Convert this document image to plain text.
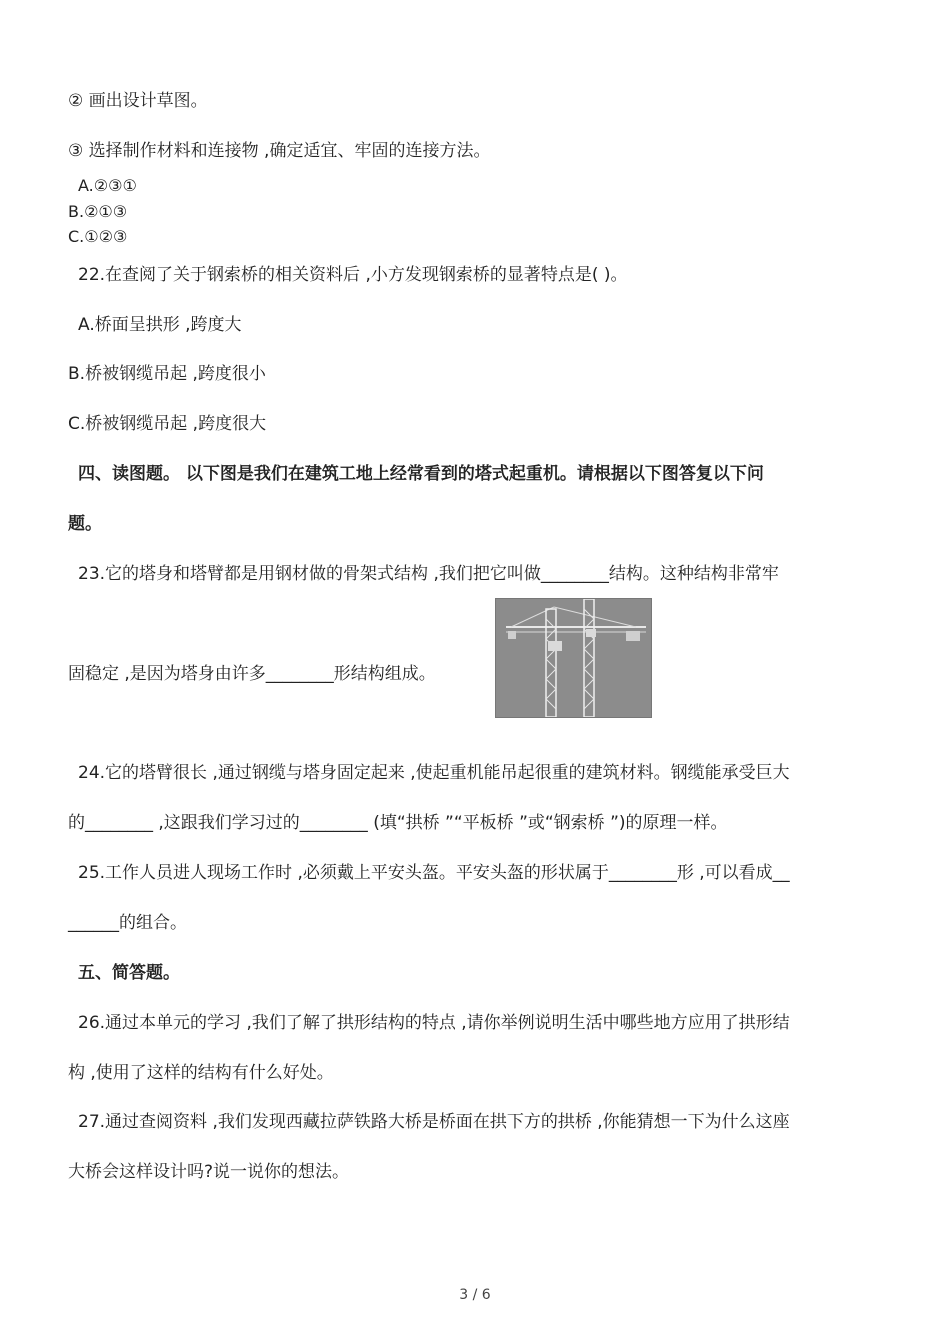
② 画出设计草图。
③ 选择制作材料和连接物 ,确定适宜、牢固的连接方法。
A.②③①
B.②①③
C.①②③
22.在查阅了关于钢索桥的相关资料后 ,小方发现钢索桥的显著特点是( )。
A.桥面呈拱形 ,跨度大
B.桥被钢缆吊起 ,跨度很小
C.桥被钢缆吊起 ,跨度很大
四、读图题。 以下图是我们在建筑工地上经常看到的塔式起重机。请根据以下图答复以下问
题。
23.它的塔身和塔臂都是用钢材做的骨架式结构 ,我们把它叫做________结构。这种结构非常牢
固稳定 ,是因为塔身由许多________形结构组成。
24.它的塔臂很长 ,通过钢缆与塔身固定起来 ,使起重机能吊起很重的建筑材料。钢缆能承受巨大
的________ ,这跟我们学习过的________ (填“拱桥 ”“平板桥 ”或“钢索桥 ”)的原理一样。
25.工作人员进人现场工作时 ,必须戴上平安头盔。平安头盔的形状属于________形 ,可以看成__
______的组合。
五、简答题。
26.通过本单元的学习 ,我们了解了拱形结构的特点 ,请你举例说明生活中哪些地方应用了拱形结
构 ,使用了这样的结构有什么好处。
27.通过查阅资料 ,我们发现西藏拉萨铁路大桥是桥面在拱下方的拱桥 ,你能猜想一下为什么这座
大桥会这样设计吗?说一说你的想法。
3 / 6
